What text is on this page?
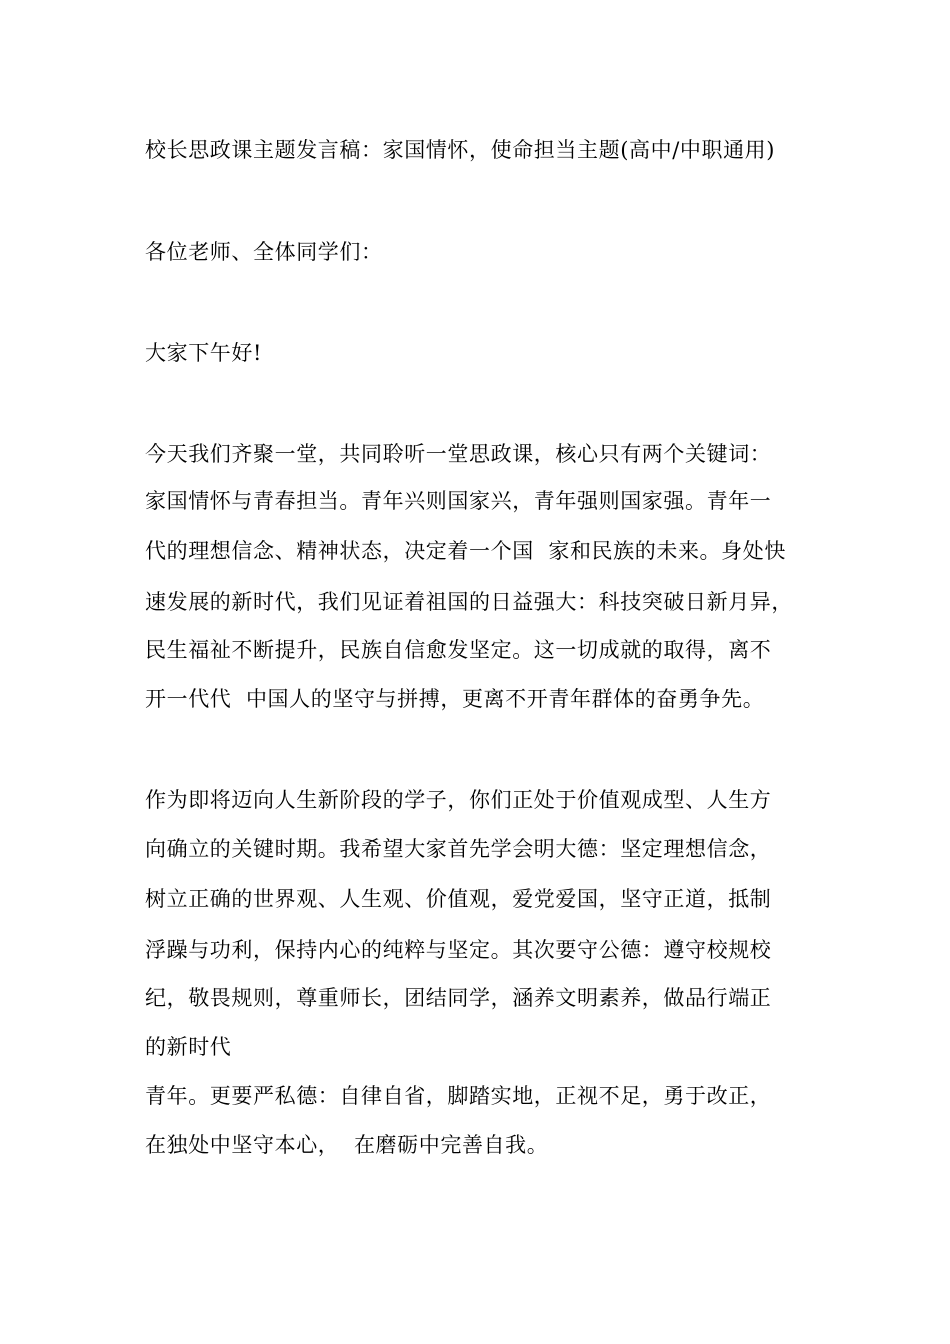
校长思政课主题发言稿：家国情怀，使命担当主题(高中/中职通用)
各位老师、全体同学们：
大家下午好!
今天我们齐聚一堂，共同聆听一堂思政课，核心只有两个关键词：
家国情怀与青春担当。青年兴则国家兴，青年强则国家强。青年一
代的理想信念、精神状态，决定着一个国  家和民族的未来。身处快
速发展的新时代，我们见证着祖国的日益强大：科技突破日新月异，
民生福祉不断提升，民族自信愈发坚定。这一切成就的取得，离不
开一代代  中国人的坚守与拼搏，更离不开青年群体的奋勇争先。
作为即将迈向人生新阶段的学子，你们正处于价值观成型、人生方
向确立的关键时期。我希望大家首先学会明大德：坚定理想信念，
树立正确的世界观、人生观、价值观，爱党爱国，坚守正道，抵制
浮躁与功利，保持内心的纯粹与坚定。其次要守公德：遵守校规校
纪，敬畏规则，尊重师长，团结同学，涵养文明素养，做品行端正
的新时代
青年。更要严私德：自律自省，脚踏实地，正视不足，勇于改正，
在独处中坚守本心，  在磨砺中完善自我。
